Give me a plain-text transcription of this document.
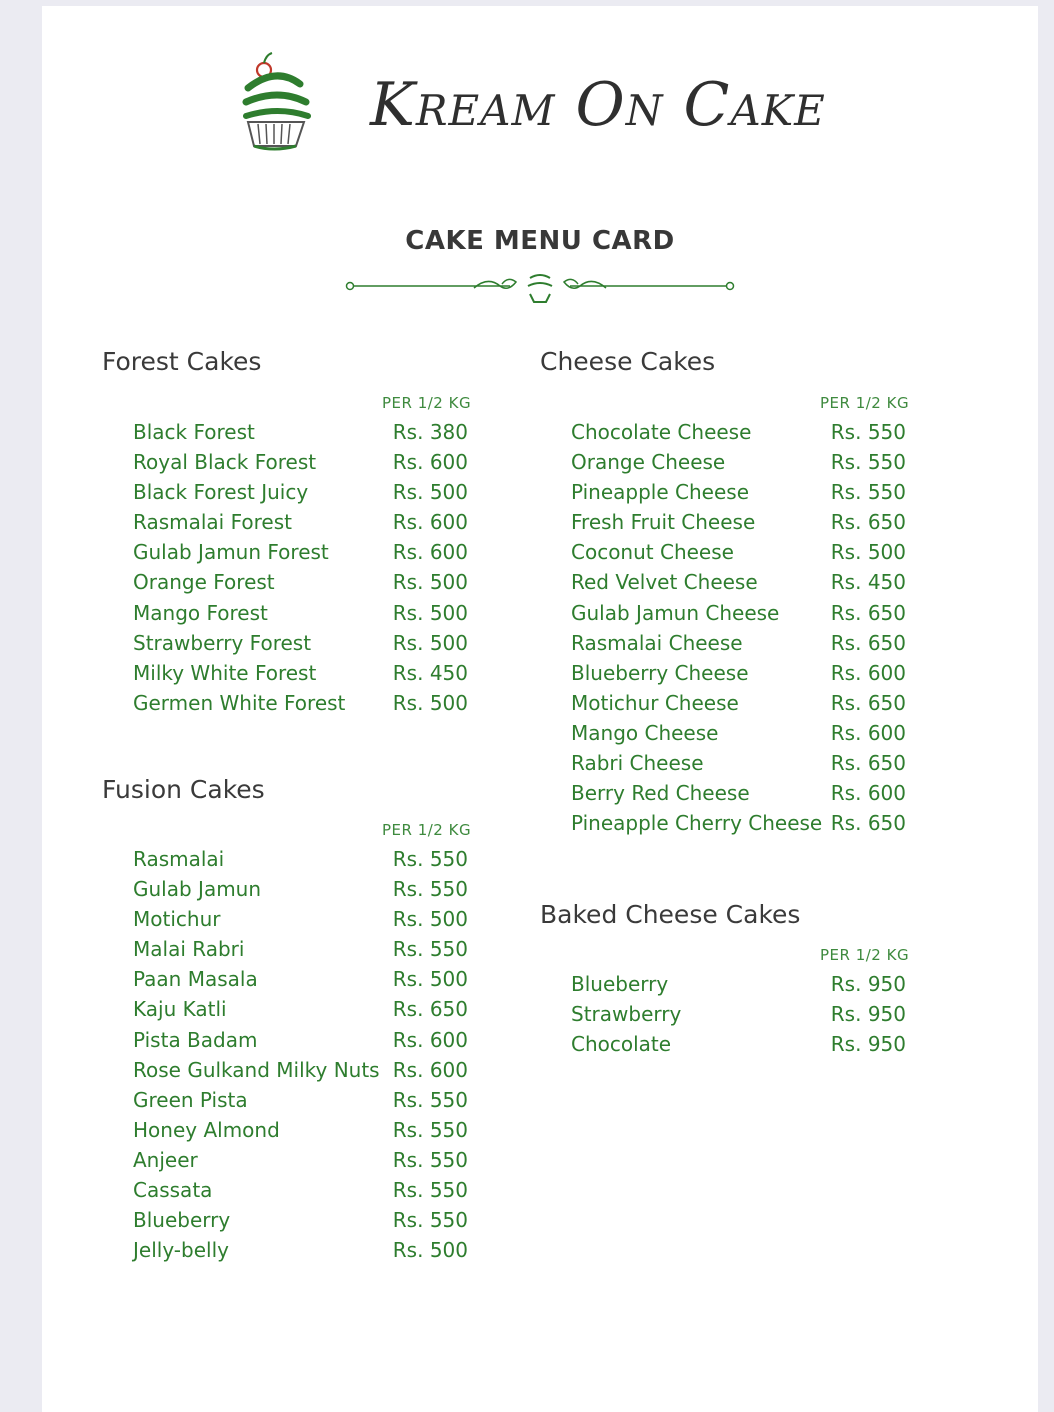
Kream On Cake
CAKE MENU CARD
Forest Cakes
PER 1/2 KG
Black Forest	Rs. 380
Royal Black Forest	Rs. 600
Black Forest Juicy	Rs. 500
Rasmalai Forest	Rs. 600
Gulab Jamun Forest	Rs. 600
Orange Forest	Rs. 500
Mango Forest	Rs. 500
Strawberry Forest	Rs. 500
Milky White Forest	Rs. 450
Germen White Forest Rs. 500
Fusion Cakes
PER 1/2 KG
Rasmalai	Rs. 550
Gulab Jamun	Rs. 550
Motichur	Rs. 500
Malai Rabri	Rs. 550
Paan Masala	Rs. 500
Kaju Katli	Rs. 650
Pista Badam	Rs. 600
Rose Gulkand Milky Nuts Rs. 600
Green Pista	Rs. 550
Honey Almond	Rs. 550
Anjeer	Rs. 550
Cassata	Rs. 550
Blueberry	Rs. 550
Jelly-belly	Rs. 500
Cheese Cakes
PER 1/2 KG
Chocolate Cheese	Rs. 550
Orange Cheese	Rs. 550
Pineapple Cheese	Rs. 550
Fresh Fruit Cheese	Rs. 650
Coconut Cheese	Rs. 500
Red Velvet Cheese	Rs. 450
Gulab Jamun Cheese	Rs. 650
Rasmalai Cheese	Rs. 650
Blueberry Cheese	Rs. 600
Motichur Cheese	Rs. 650
Mango Cheese	Rs. 600
Rabri Cheese	Rs. 650
Berry Red Cheese	Rs. 600
Pineapple Cherry Cheese Rs. 650
Baked Cheese Cakes
PER 1/2 KG
Blueberry	Rs. 950
Strawberry	Rs. 950
Chocolate	Rs. 950
